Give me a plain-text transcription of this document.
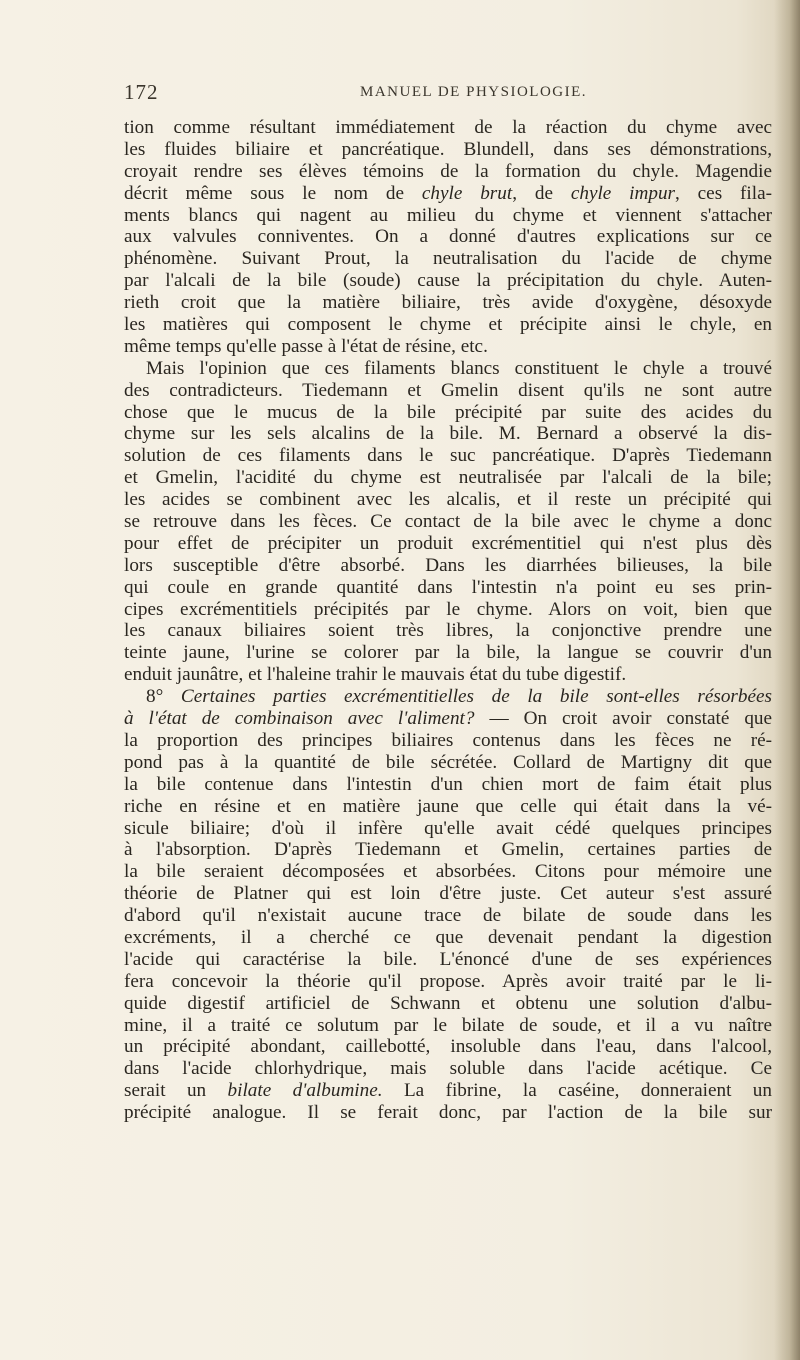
172	MANUEL DE PHYSIOLOGIE.
tion comme résultant immédiatement de la réaction du chyme avec
les fluides biliaire et pancréatique. Blundell, dans ses démonstrations,
croyait rendre ses élèves témoins de la formation du chyle. Magendie
décrit même sous le nom de chyle brut, de chyle impur, ces fila-
ments blancs qui nagent au milieu du chyme et viennent s'attacher
aux valvules conniventes. On a donné d'autres explications sur ce
phénomène. Suivant Prout, la neutralisation du l'acide de chyme
par l'alcali de la bile (soude) cause la précipitation du chyle. Auten-
rieth croit que la matière biliaire, très avide d'oxygène, désoxyde
les matières qui composent le chyme et précipite ainsi le chyle, en
même temps qu'elle passe à l'état de résine, etc.
Mais l'opinion que ces filaments blancs constituent le chyle a trouvé
des contradicteurs. Tiedemann et Gmelin disent qu'ils ne sont autre
chose que le mucus de la bile précipité par suite des acides du
chyme sur les sels alcalins de la bile. M. Bernard a observé la dis-
solution de ces filaments dans le suc pancréatique. D'après Tiedemann
et Gmelin, l'acidité du chyme est neutralisée par l'alcali de la bile;
les acides se combinent avec les alcalis, et il reste un précipité qui
se retrouve dans les fèces. Ce contact de la bile avec le chyme a donc
pour effet de précipiter un produit excrémentitiel qui n'est plus dès
lors susceptible d'être absorbé. Dans les diarrhées bilieuses, la bile
qui coule en grande quantité dans l'intestin n'a point eu ses prin-
cipes excrémentitiels précipités par le chyme. Alors on voit, bien que
les canaux biliaires soient très libres, la conjonctive prendre une
teinte jaune, l'urine se colorer par la bile, la langue se couvrir d'un
enduit jaunâtre, et l'haleine trahir le mauvais état du tube digestif.
8° Certaines parties excrémentitielles de la bile sont-elles résorbées
à l'état de combinaison avec l'aliment? — On croit avoir constaté que
la proportion des principes biliaires contenus dans les fèces ne ré-
pond pas à la quantité de bile sécrétée. Collard de Martigny dit que
la bile contenue dans l'intestin d'un chien mort de faim était plus
riche en résine et en matière jaune que celle qui était dans la vé-
sicule biliaire; d'où il infère qu'elle avait cédé quelques principes
à l'absorption. D'après Tiedemann et Gmelin, certaines parties de
la bile seraient décomposées et absorbées. Citons pour mémoire une
théorie de Platner qui est loin d'être juste. Cet auteur s'est assuré
d'abord qu'il n'existait aucune trace de bilate de soude dans les
excréments, il a cherché ce que devenait pendant la digestion
l'acide qui caractérise la bile. L'énoncé d'une de ses expériences
fera concevoir la théorie qu'il propose. Après avoir traité par le li-
quide digestif artificiel de Schwann et obtenu une solution d'albu-
mine, il a traité ce solutum par le bilate de soude, et il a vu naître
un précipité abondant, caillebotté, insoluble dans l'eau, dans l'alcool,
dans l'acide chlorhydrique, mais soluble dans l'acide acétique. Ce
serait un bilate d'albumine. La fibrine, la caséine, donneraient un
précipité analogue. Il se ferait donc, par l'action de la bile sur
